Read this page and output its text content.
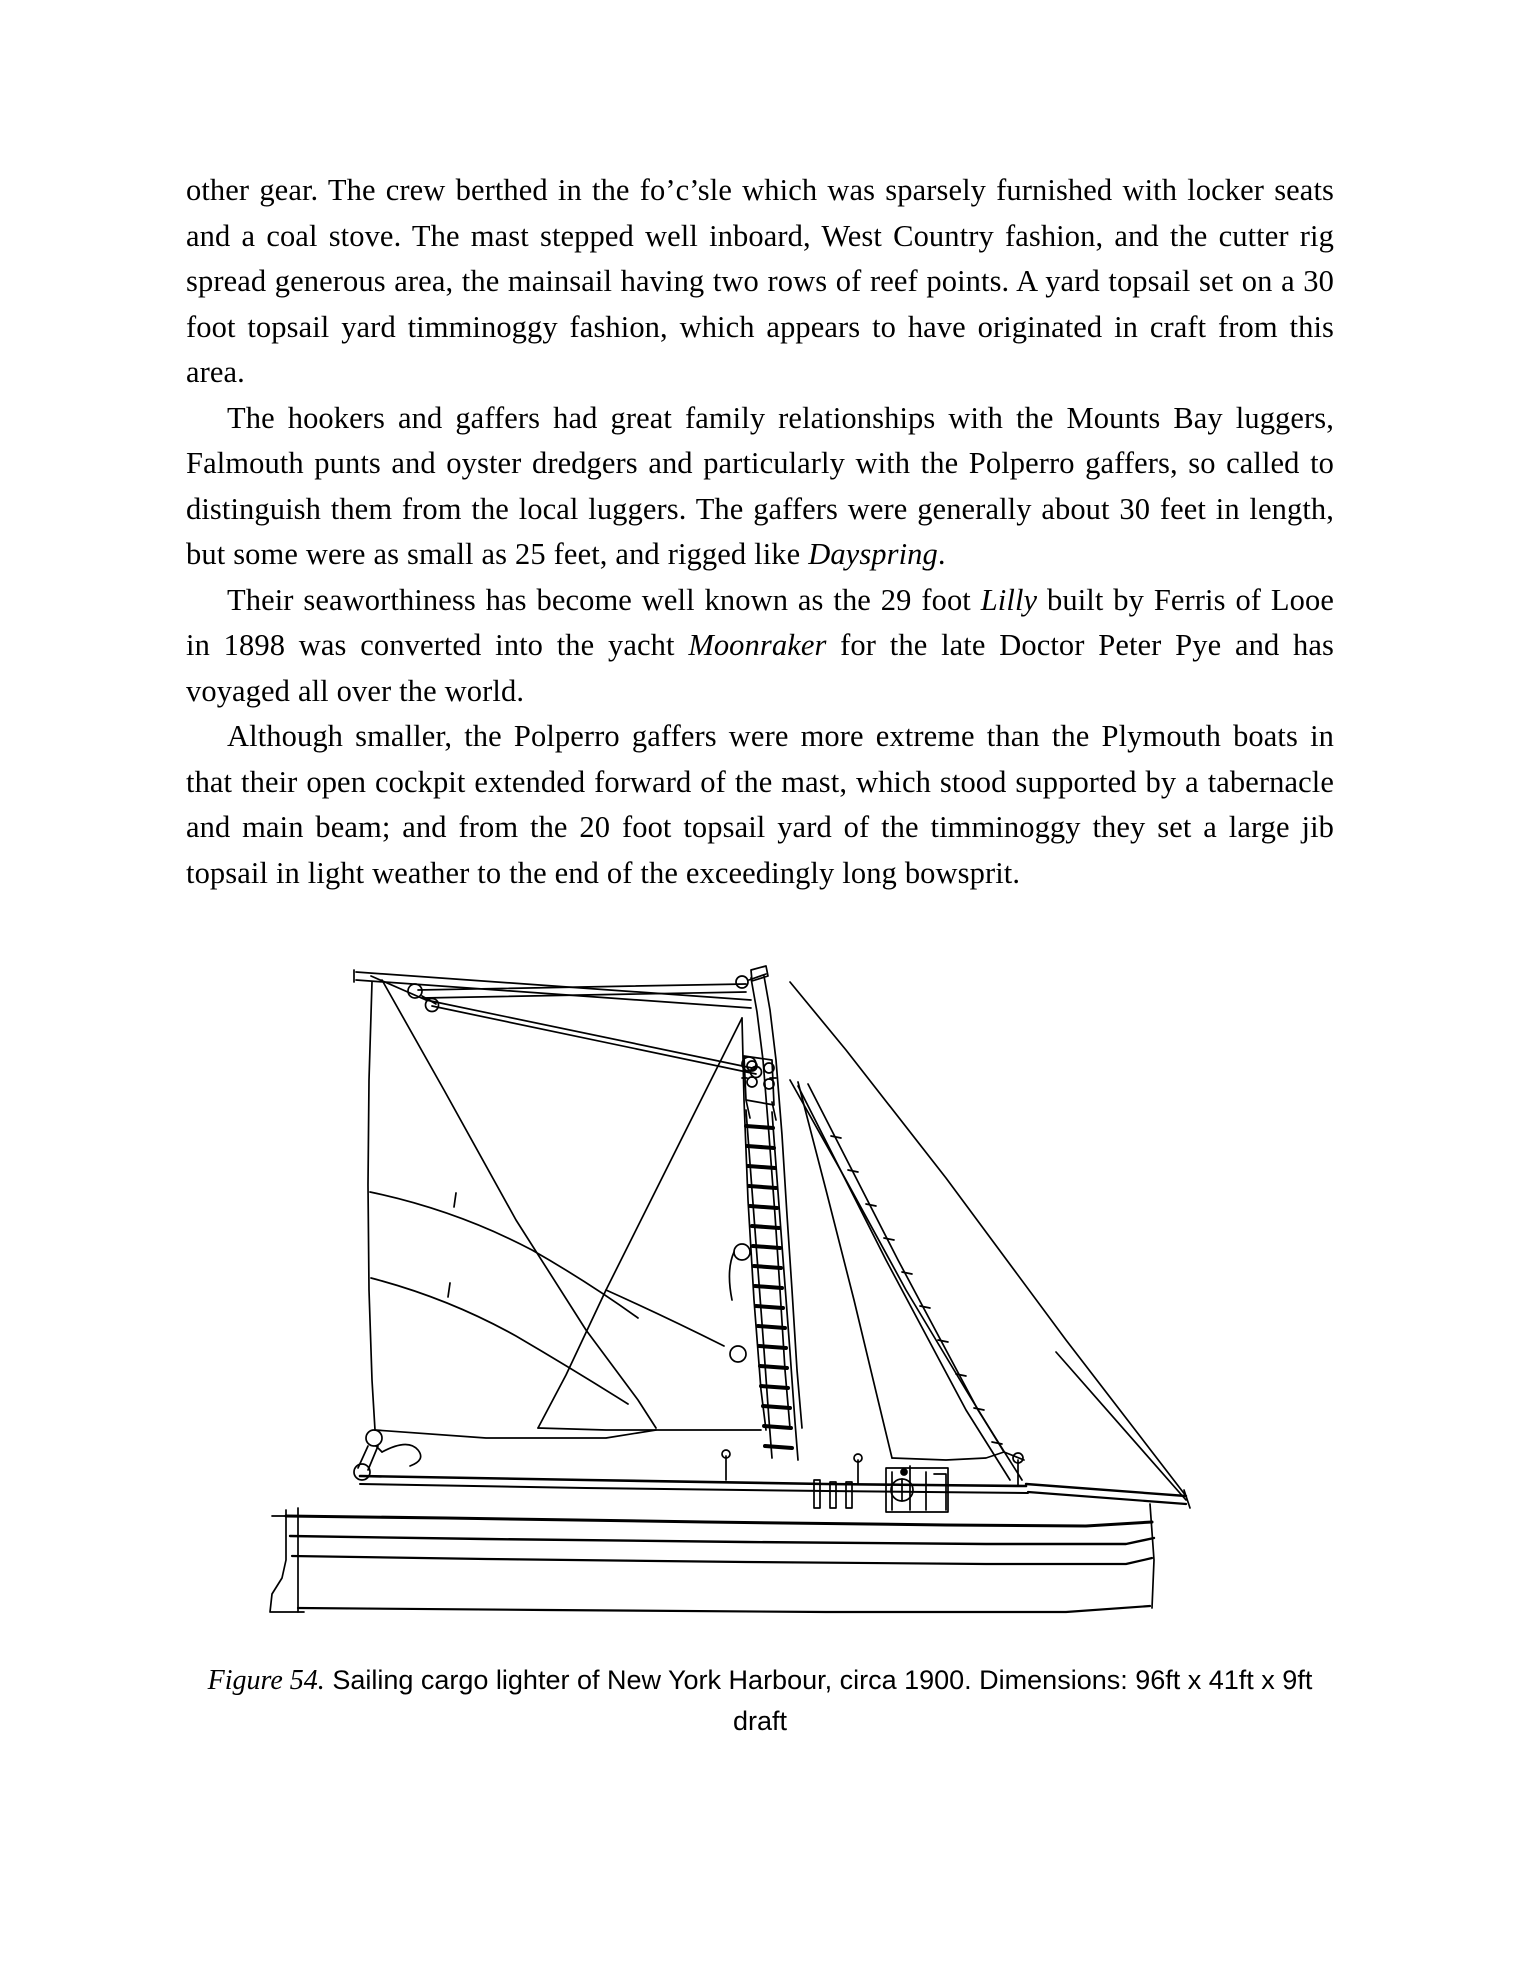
other gear. The crew berthed in the fo’c’sle which was sparsely furnished with locker seats and a coal stove. The mast stepped well inboard, West Country fashion, and the cutter rig spread generous area, the mainsail having two rows of reef points. A yard topsail set on a 30 foot topsail yard timminoggy fashion, which appears to have originated in craft from this area.

The hookers and gaffers had great family relationships with the Mounts Bay luggers, Falmouth punts and oyster dredgers and particularly with the Polperro gaffers, so called to distinguish them from the local luggers. The gaffers were generally about 30 feet in length, but some were as small as 25 feet, and rigged like Dayspring.

Their seaworthiness has become well known as the 29 foot Lilly built by Ferris of Looe in 1898 was converted into the yacht Moonraker for the late Doctor Peter Pye and has voyaged all over the world.

Although smaller, the Polperro gaffers were more extreme than the Plymouth boats in that their open cockpit extended forward of the mast, which stood supported by a tabernacle and main beam; and from the 20 foot topsail yard of the timminoggy they set a large jib topsail in light weather to the end of the exceedingly long bowsprit.

Figure 54. Sailing cargo lighter of New York Harbour, circa 1900. Dimensions: 96ft x 41ft x 9ft draft
